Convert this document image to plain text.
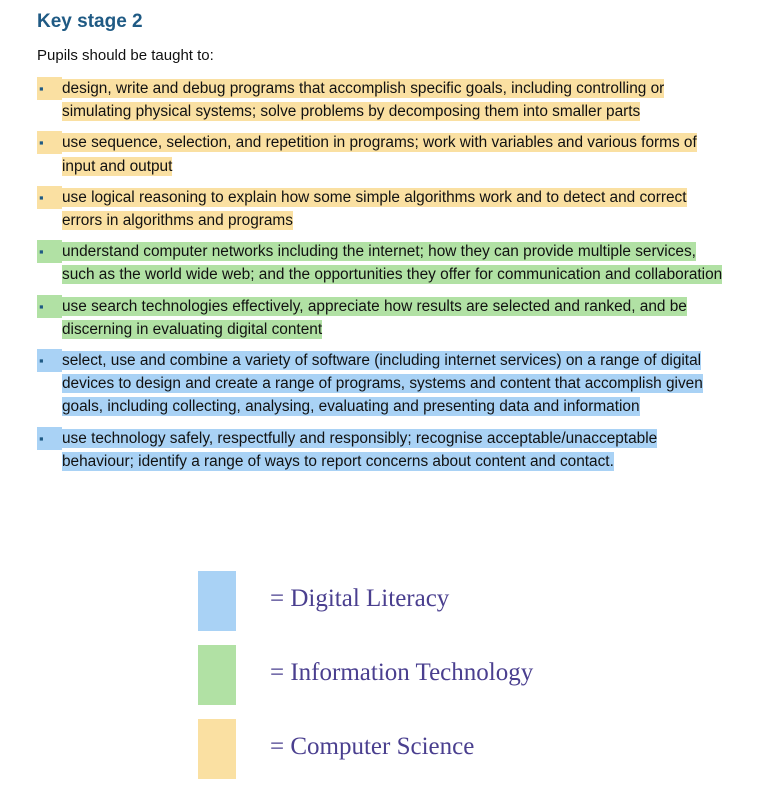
Key stage 2

Pupils should be taught to:

▪ design, write and debug programs that accomplish specific goals, including controlling or simulating physical systems; solve problems by decomposing them into smaller parts
▪ use sequence, selection, and repetition in programs; work with variables and various forms of input and output
▪ use logical reasoning to explain how some simple algorithms work and to detect and correct errors in algorithms and programs
▪ understand computer networks including the internet; how they can provide multiple services, such as the world wide web; and the opportunities they offer for communication and collaboration
▪ use search technologies effectively, appreciate how results are selected and ranked, and be discerning in evaluating digital content
▪ select, use and combine a variety of software (including internet services) on a range of digital devices to design and create a range of programs, systems and content that accomplish given goals, including collecting, analysing, evaluating and presenting data and information
▪ use technology safely, respectfully and responsibly; recognise acceptable/unacceptable behaviour; identify a range of ways to report concerns about content and contact.
= Digital Literacy
= Information Technology
= Computer Science
